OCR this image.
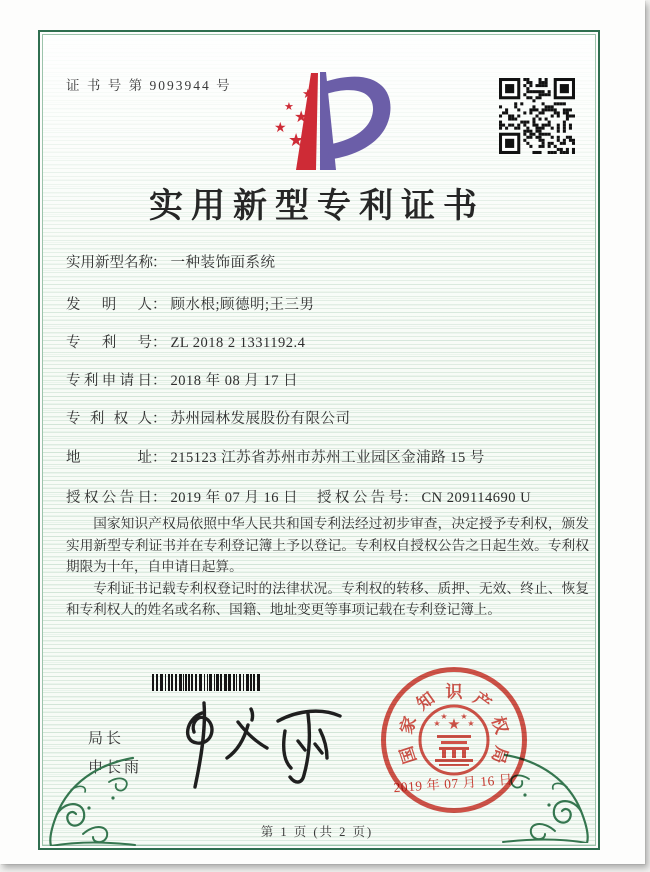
证 书 号 第 9093944 号
★
★
★
★
★
实用新型专利证书
实 用 新 型 名 称 ： 一种装饰面系统
发 明 人 ： 顾水根;顾德明;王三男
专 利 号 ： ZL 2018 2 1331192.4
专 利 申 请 日 ： 2018 年 08 月 17 日
专 利 权 人 ： 苏州园林发展股份有限公司
地	址 ： 215123 江苏省苏州市苏州工业园区金浦路 15 号
授 权 公 告 日 ： 2019 年 07 月 16 日 授 权 公 告 号 ： CN 209114690 U

国家知识产权局依照中华人民共和国专利法经过初步审查，决定授予专利权，颁发实用新型专利证书并在专利登记簿上予以登记。专利权自授权公告之日起生效。专利权期限为十年，自申请日起算。

专利证书记载专利权登记时的法律状况。专利权的转移、质押、无效、终止、恢复和专利权人的姓名或名称、国籍、地址变更等事项记载在专利登记簿上。

局长
申长雨
★
★
★ ★
★
国
家
知 识 产
权
局
2019 年 07 月 16 日
第 1 页 (共 2 页)
